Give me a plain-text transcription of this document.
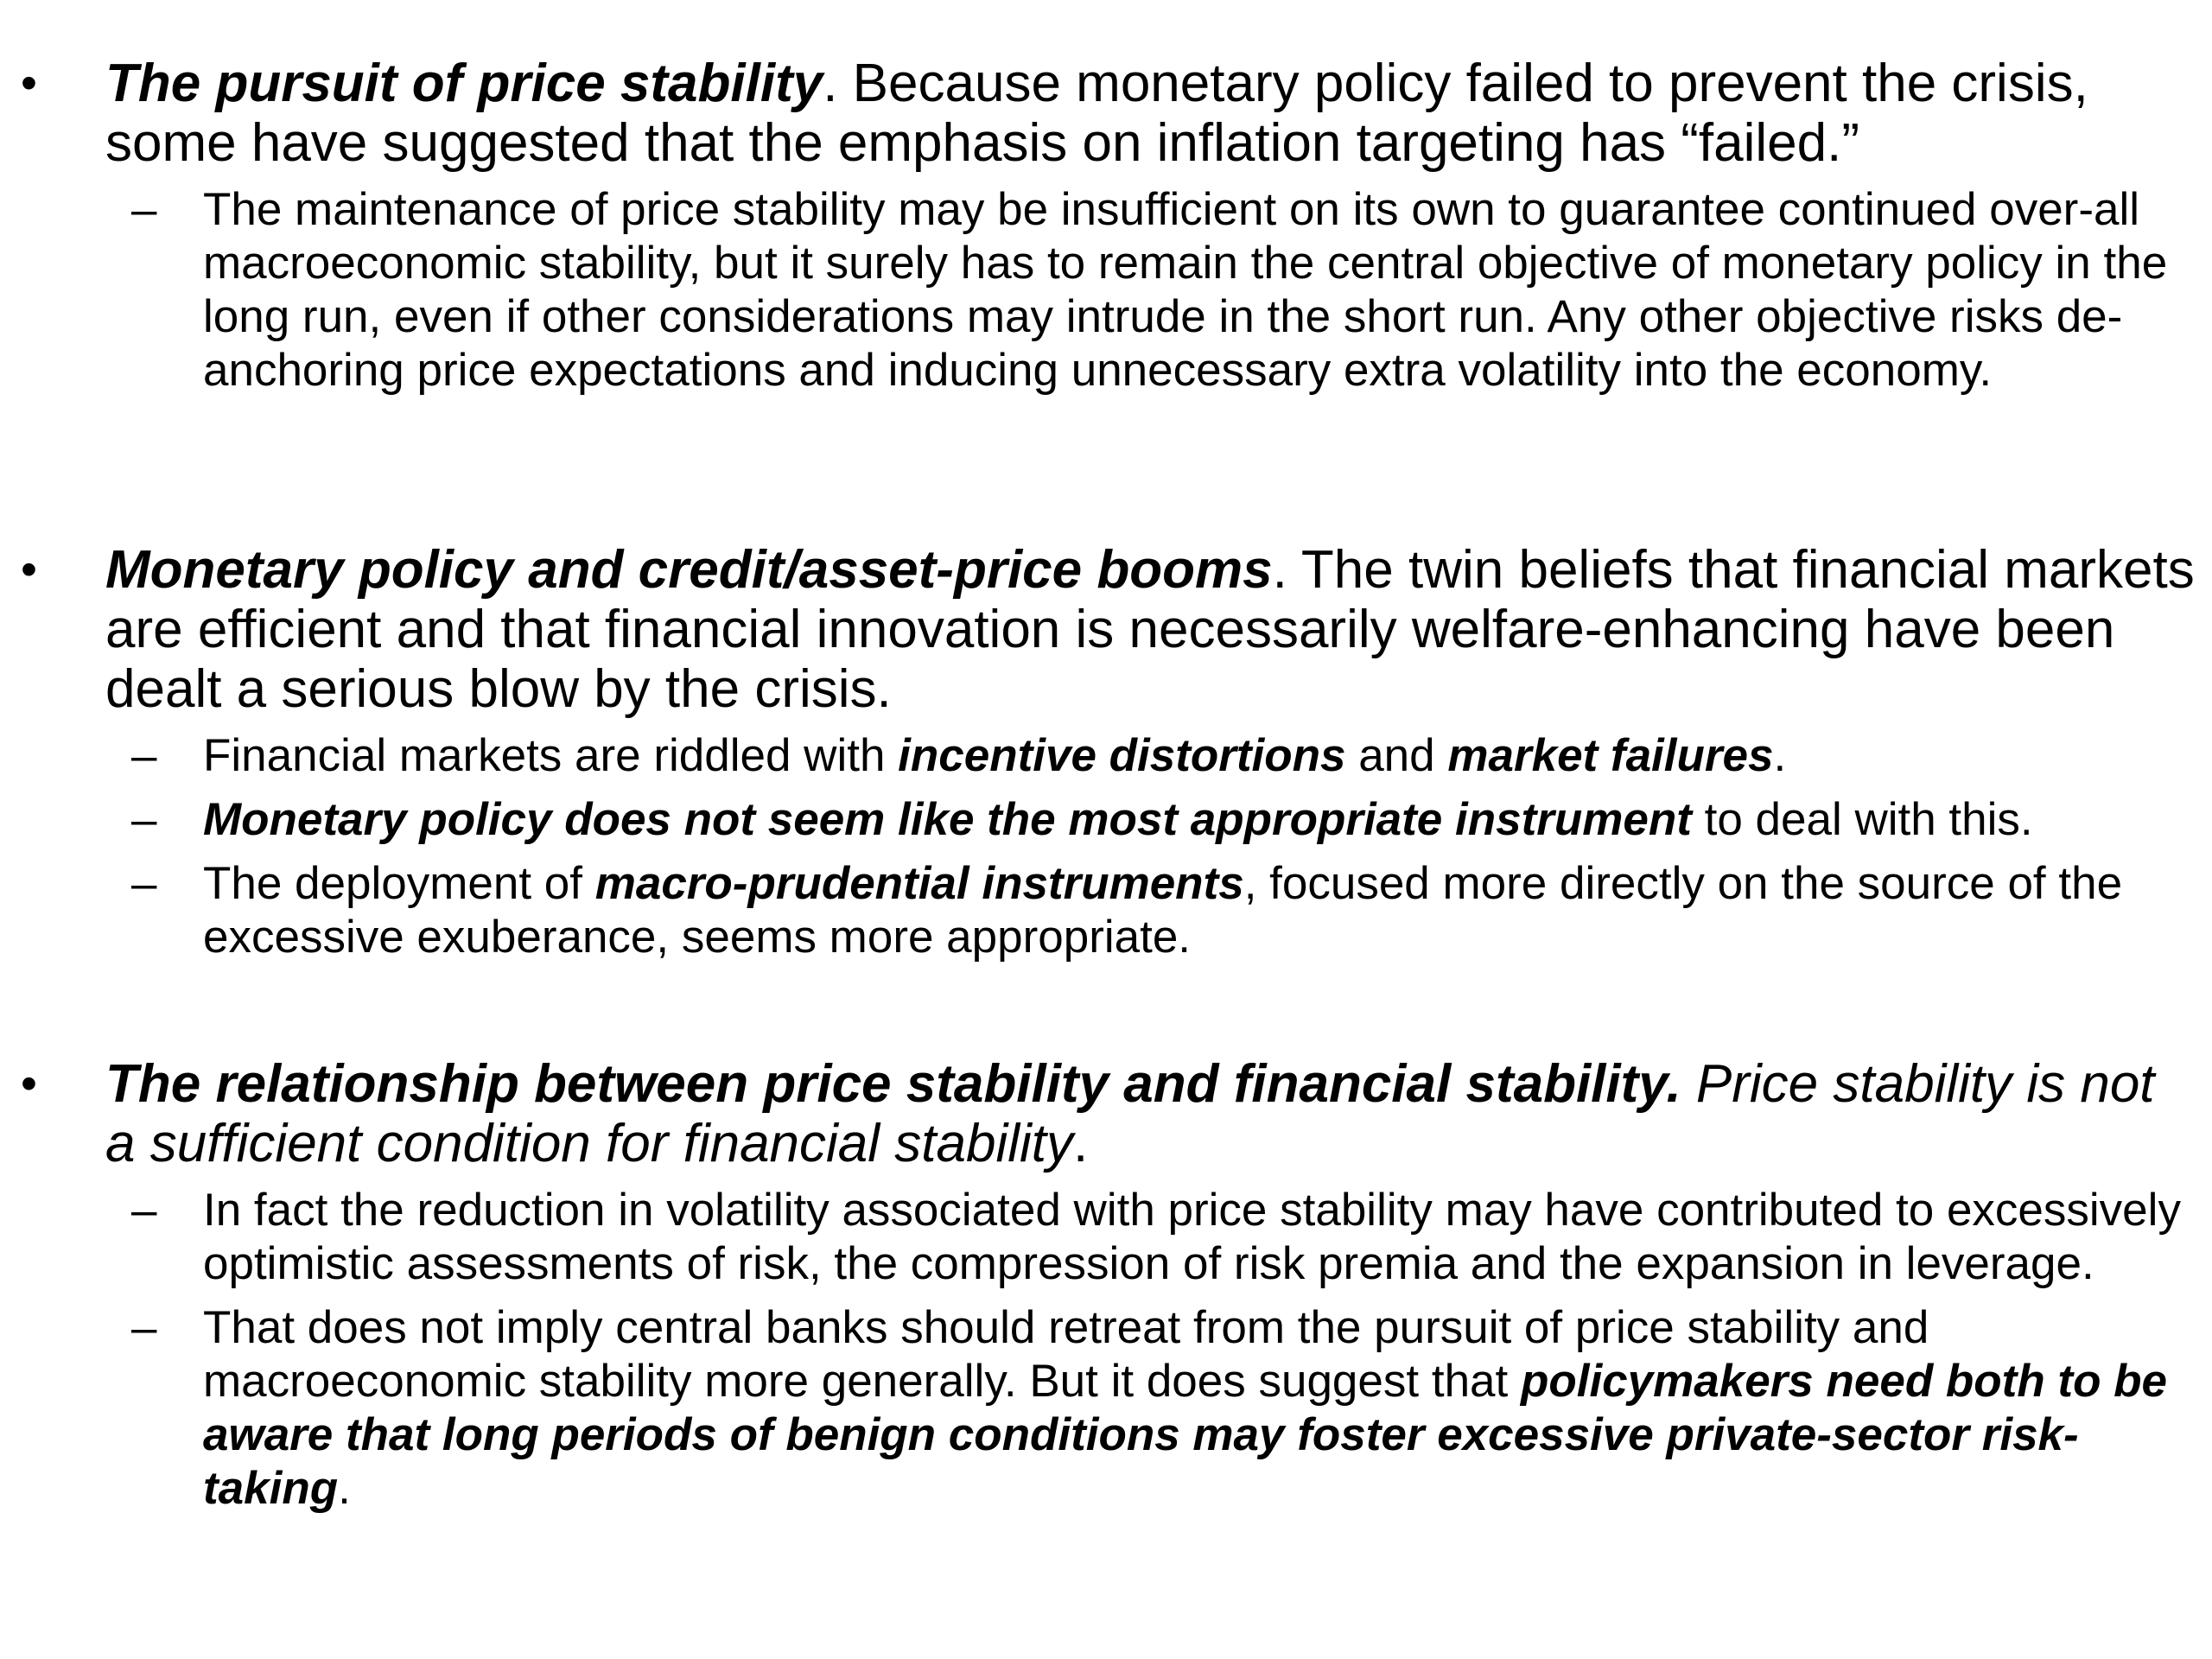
• The pursuit of price stability. Because monetary policy failed to prevent the crisis, some have suggested that the emphasis on inflation targeting has “failed.”
– The maintenance of price stability may be insufficient on its own to guarantee continued over-all macroeconomic stability, but it surely has to remain the central objective of monetary policy in the long run, even if other considerations may intrude in the short run. Any other objective risks de-anchoring price expectations and inducing unnecessary extra volatility into the economy.
• Monetary policy and credit/asset-price booms. The twin beliefs that financial markets are efficient and that financial innovation is necessarily welfare-enhancing have been dealt a serious blow by the crisis.
– Financial markets are riddled with incentive distortions and market failures.
– Monetary policy does not seem like the most appropriate instrument to deal with this.
– The deployment of macro-prudential instruments, focused more directly on the source of the excessive exuberance, seems more appropriate.
• The relationship between price stability and financial stability. Price stability is not a sufficient condition for financial stability.
– In fact the reduction in volatility associated with price stability may have contributed to excessively optimistic assessments of risk, the compression of risk premia and the expansion in leverage.
– That does not imply central banks should retreat from the pursuit of price stability and macroeconomic stability more generally. But it does suggest that policymakers need both to be aware that long periods of benign conditions may foster excessive private-sector risk-taking.
